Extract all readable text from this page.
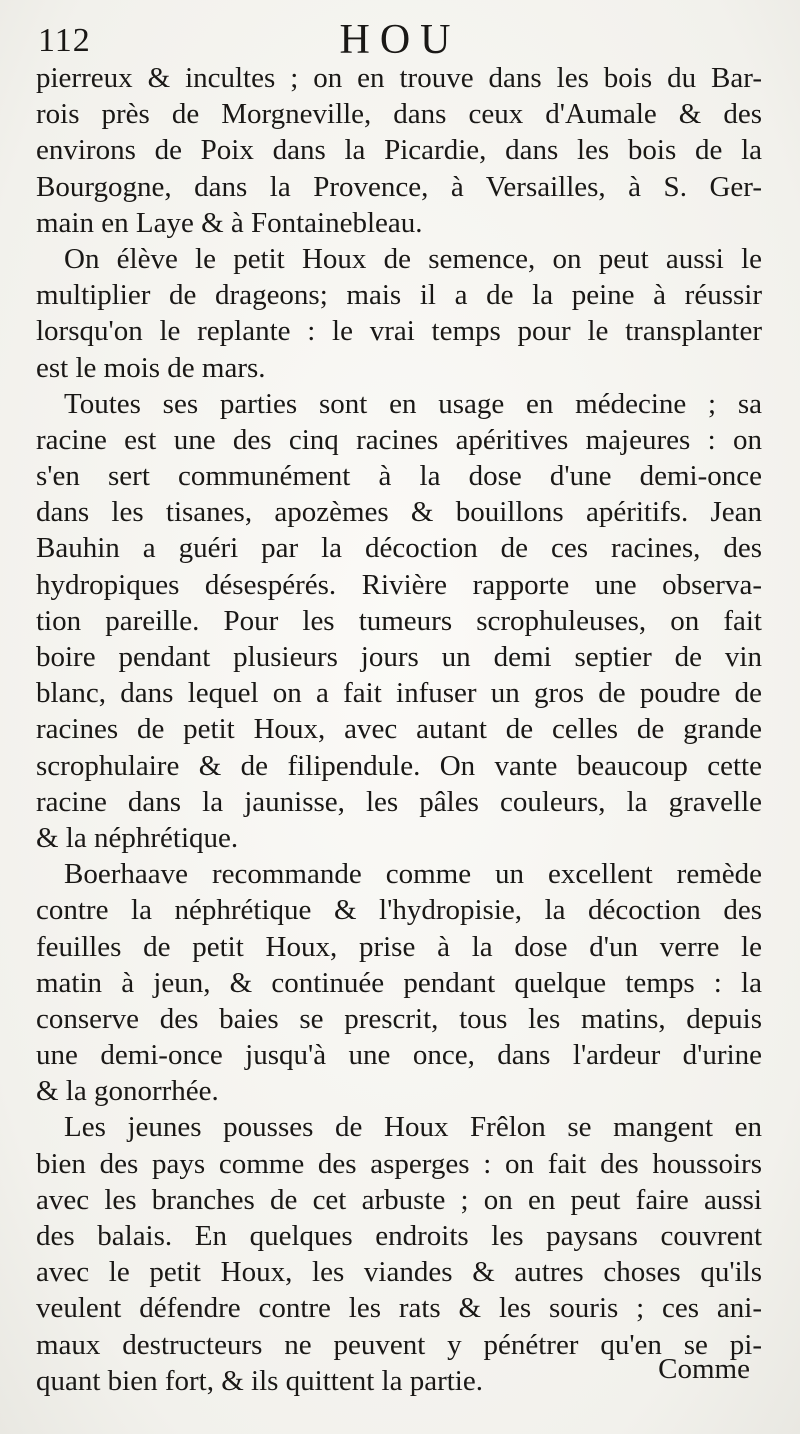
112	HOU
pierreux & incultes ; on en trouve dans les bois du Bar-
rois près de Morgneville, dans ceux d'Aumale & des
environs de Poix dans la Picardie, dans les bois de la
Bourgogne, dans la Provence, à Versailles, à S. Ger-
main en Laye & à Fontainebleau.
On élève le petit Houx de semence, on peut aussi le
multiplier de drageons; mais il a de la peine à réussir
lorsqu'on le replante : le vrai temps pour le transplanter
est le mois de mars.
Toutes ses parties sont en usage en médecine ; sa
racine est une des cinq racines apéritives majeures : on
s'en sert communément à la dose d'une demi-once
dans les tisanes, apozèmes & bouillons apéritifs. Jean
Bauhin a guéri par la décoction de ces racines, des
hydropiques désespérés. Rivière rapporte une observa-
tion pareille. Pour les tumeurs scrophuleuses, on fait
boire pendant plusieurs jours un demi septier de vin
blanc, dans lequel on a fait infuser un gros de poudre de
racines de petit Houx, avec autant de celles de grande
scrophulaire & de filipendule. On vante beaucoup cette
racine dans la jaunisse, les pâles couleurs, la gravelle
& la néphrétique.
Boerhaave recommande comme un excellent remède
contre la néphrétique & l'hydropisie, la décoction des
feuilles de petit Houx, prise à la dose d'un verre le
matin à jeun, & continuée pendant quelque temps : la
conserve des baies se prescrit, tous les matins, depuis
une demi-once jusqu'à une once, dans l'ardeur d'urine
& la gonorrhée.
Les jeunes pousses de Houx Frêlon se mangent en
bien des pays comme des asperges : on fait des houssoirs
avec les branches de cet arbuste ; on en peut faire aussi
des balais. En quelques endroits les paysans couvrent
avec le petit Houx, les viandes & autres choses qu'ils
veulent défendre contre les rats & les souris ; ces ani-
maux destructeurs ne peuvent y pénétrer qu'en se pi-
quant bien fort, & ils quittent la partie.	Comme
